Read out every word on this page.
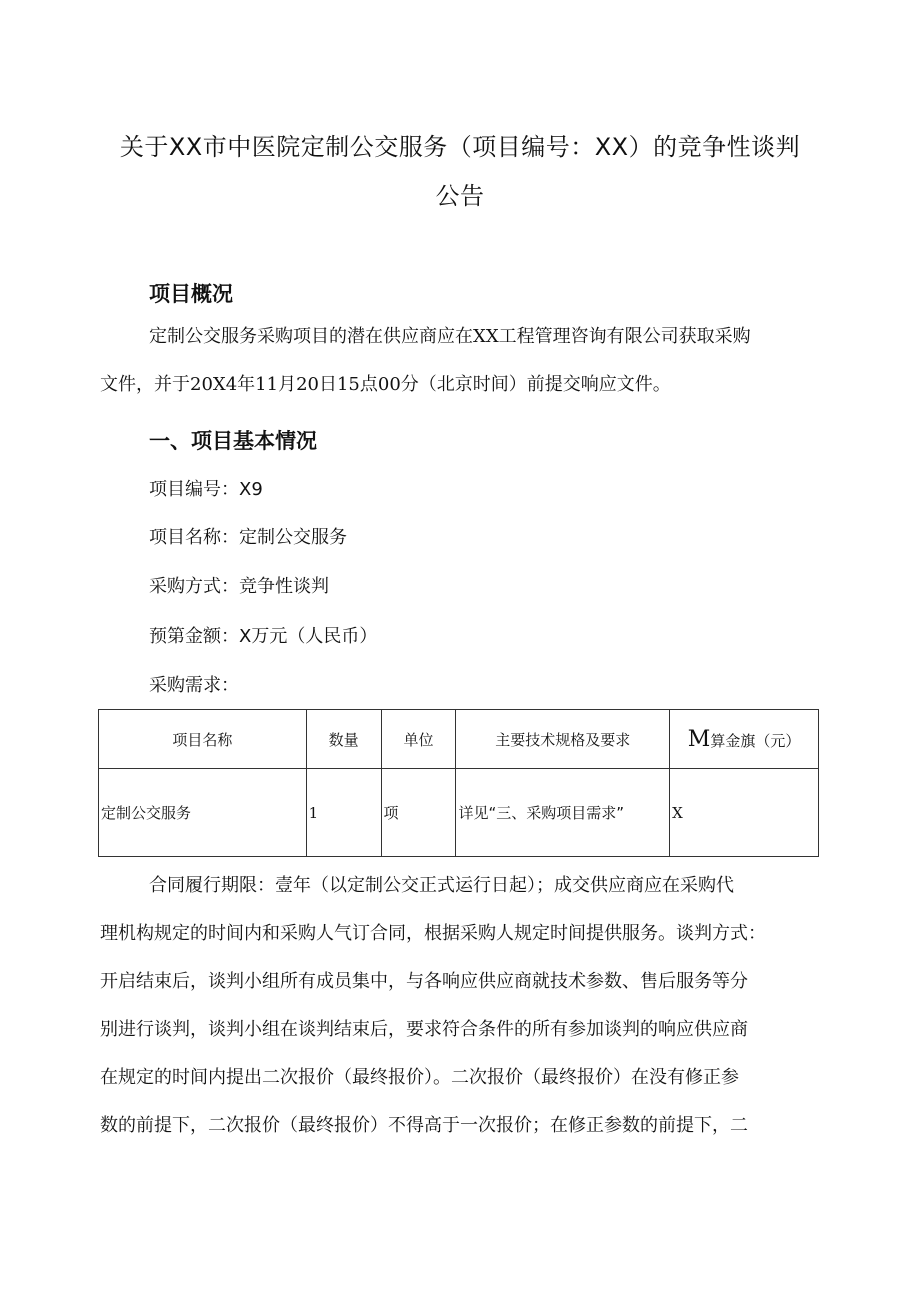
关于XX市中医院定制公交服务（项目编号：XX）的竞争性谈判
公告
项目概况
定制公交服务采购项目的潜在供应商应在XX工程管理咨询有限公司获取采购
文件，并于20X4年11月20日15点00分（北京时间）前提交响应文件。
一、项目基本情况
项目编号：X9
项目名称：定制公交服务
采购方式：竞争性谈判
预第金额：X万元（人民币）
采购需求：
项目名称	数量	单位	主要技术规格及要求	M算金旗（元）
定制公交服务	1	项	详见“三、采购项目需求”	X
合同履行期限：壹年（以定制公交正式运行日起）；成交供应商应在采购代
理机构规定的时间内和采购人气订合同，根据采购人规定时间提供服务。谈判方式：
开启结束后，谈判小组所有成员集中，与各响应供应商就技术参数、售后服务等分
别进行谈判，谈判小组在谈判结束后，要求符合条件的所有参加谈判的响应供应商
在规定的时间内提出二次报价（最终报价）。二次报价（最终报价）在没有修正参
数的前提下，二次报价（最终报价）不得高于一次报价；在修正参数的前提下，二
